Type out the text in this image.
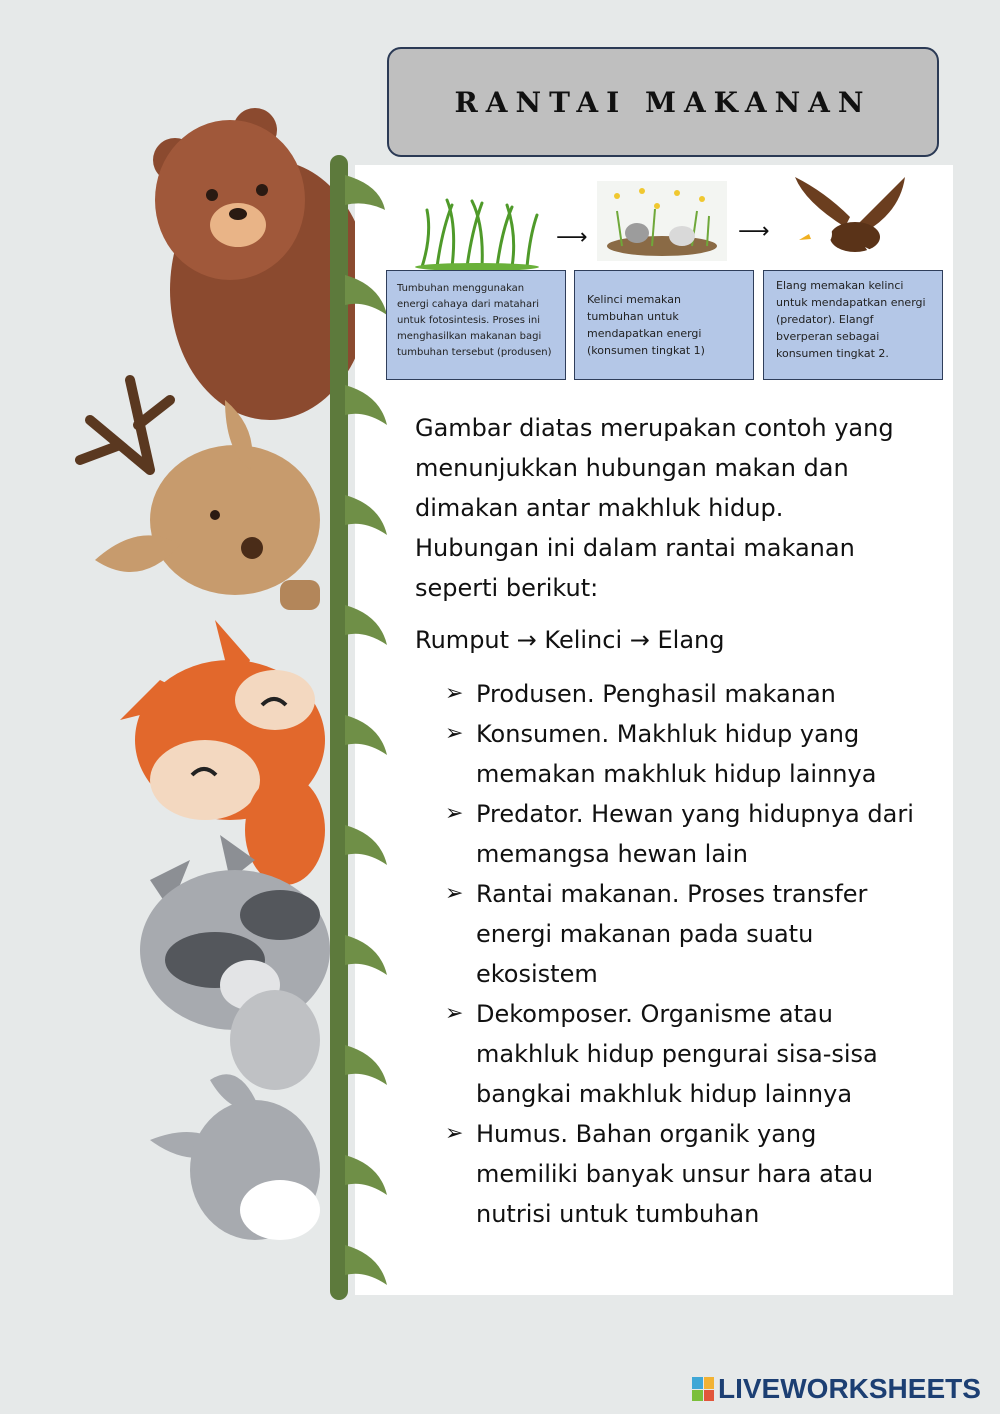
RANTAI MAKANAN
⟶	⟶
Tumbuhan menggunakan energi cahaya dari matahari untuk fotosintesis. Proses ini menghasilkan makanan bagi tumbuhan tersebut (produsen)
Kelinci memakan tumbuhan untuk mendapatkan energi (konsumen tingkat 1)
Elang memakan kelinci untuk mendapatkan energi (predator). Elangf bverperan sebagai konsumen tingkat 2.

Gambar diatas merupakan contoh yang menunjukkan hubungan makan dan dimakan antar makhluk hidup. Hubungan ini dalam rantai makanan seperti berikut:

Rumput → Kelinci → Elang
➢ Produsen. Penghasil makanan
➢ Konsumen. Makhluk hidup yang memakan makhluk hidup lainnya
➢ Predator. Hewan yang hidupnya dari memangsa hewan lain
➢ Rantai makanan. Proses transfer energi makanan pada suatu ekosistem
➢ Dekomposer. Organisme atau makhluk hidup pengurai sisa-sisa bangkai makhluk hidup lainnya
➢ Humus. Bahan organik yang memiliki banyak unsur hara atau nutrisi untuk tumbuhan
LIVEWORKSHEETS
